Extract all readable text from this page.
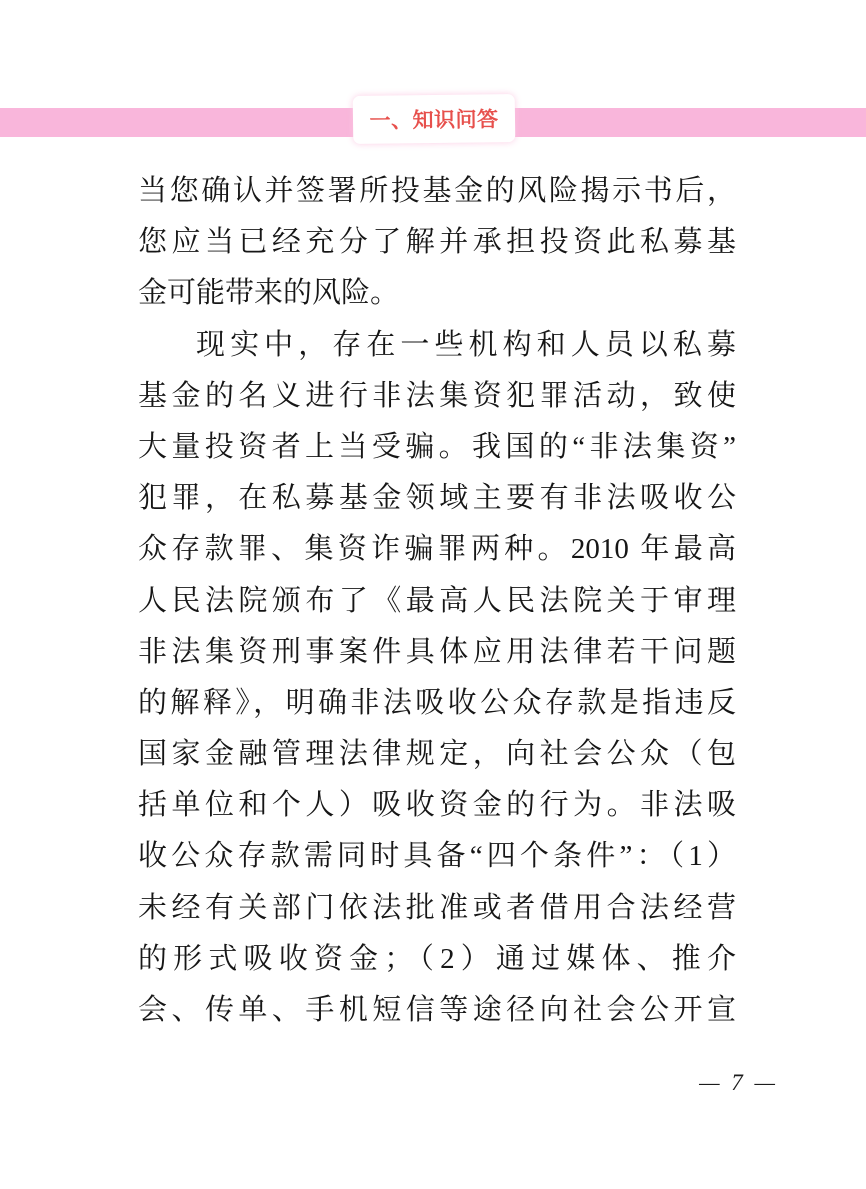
一、知识问答
当您确认并签署所投基金的风险揭示书后，
您应当已经充分了解并承担投资此私募基
金可能带来的风险。
现实中，存在一些机构和人员以私募
基金的名义进行非法集资犯罪活动，致使
大量投资者上当受骗。我国的“非法集资”
犯罪，在私募基金领域主要有非法吸收公
众存款罪、集资诈骗罪两种。2010 年最高
人民法院颁布了《最高人民法院关于审理
非法集资刑事案件具体应用法律若干问题
的解释》，明确非法吸收公众存款是指违反
国家金融管理法律规定，向社会公众（包
括单位和个人）吸收资金的行为。非法吸
收公众存款需同时具备“四个条件”：（1）
未经有关部门依法批准或者借用合法经营
的形式吸收资金；（2）通过媒体、推介
会、传单、手机短信等途径向社会公开宣
— 7 —
